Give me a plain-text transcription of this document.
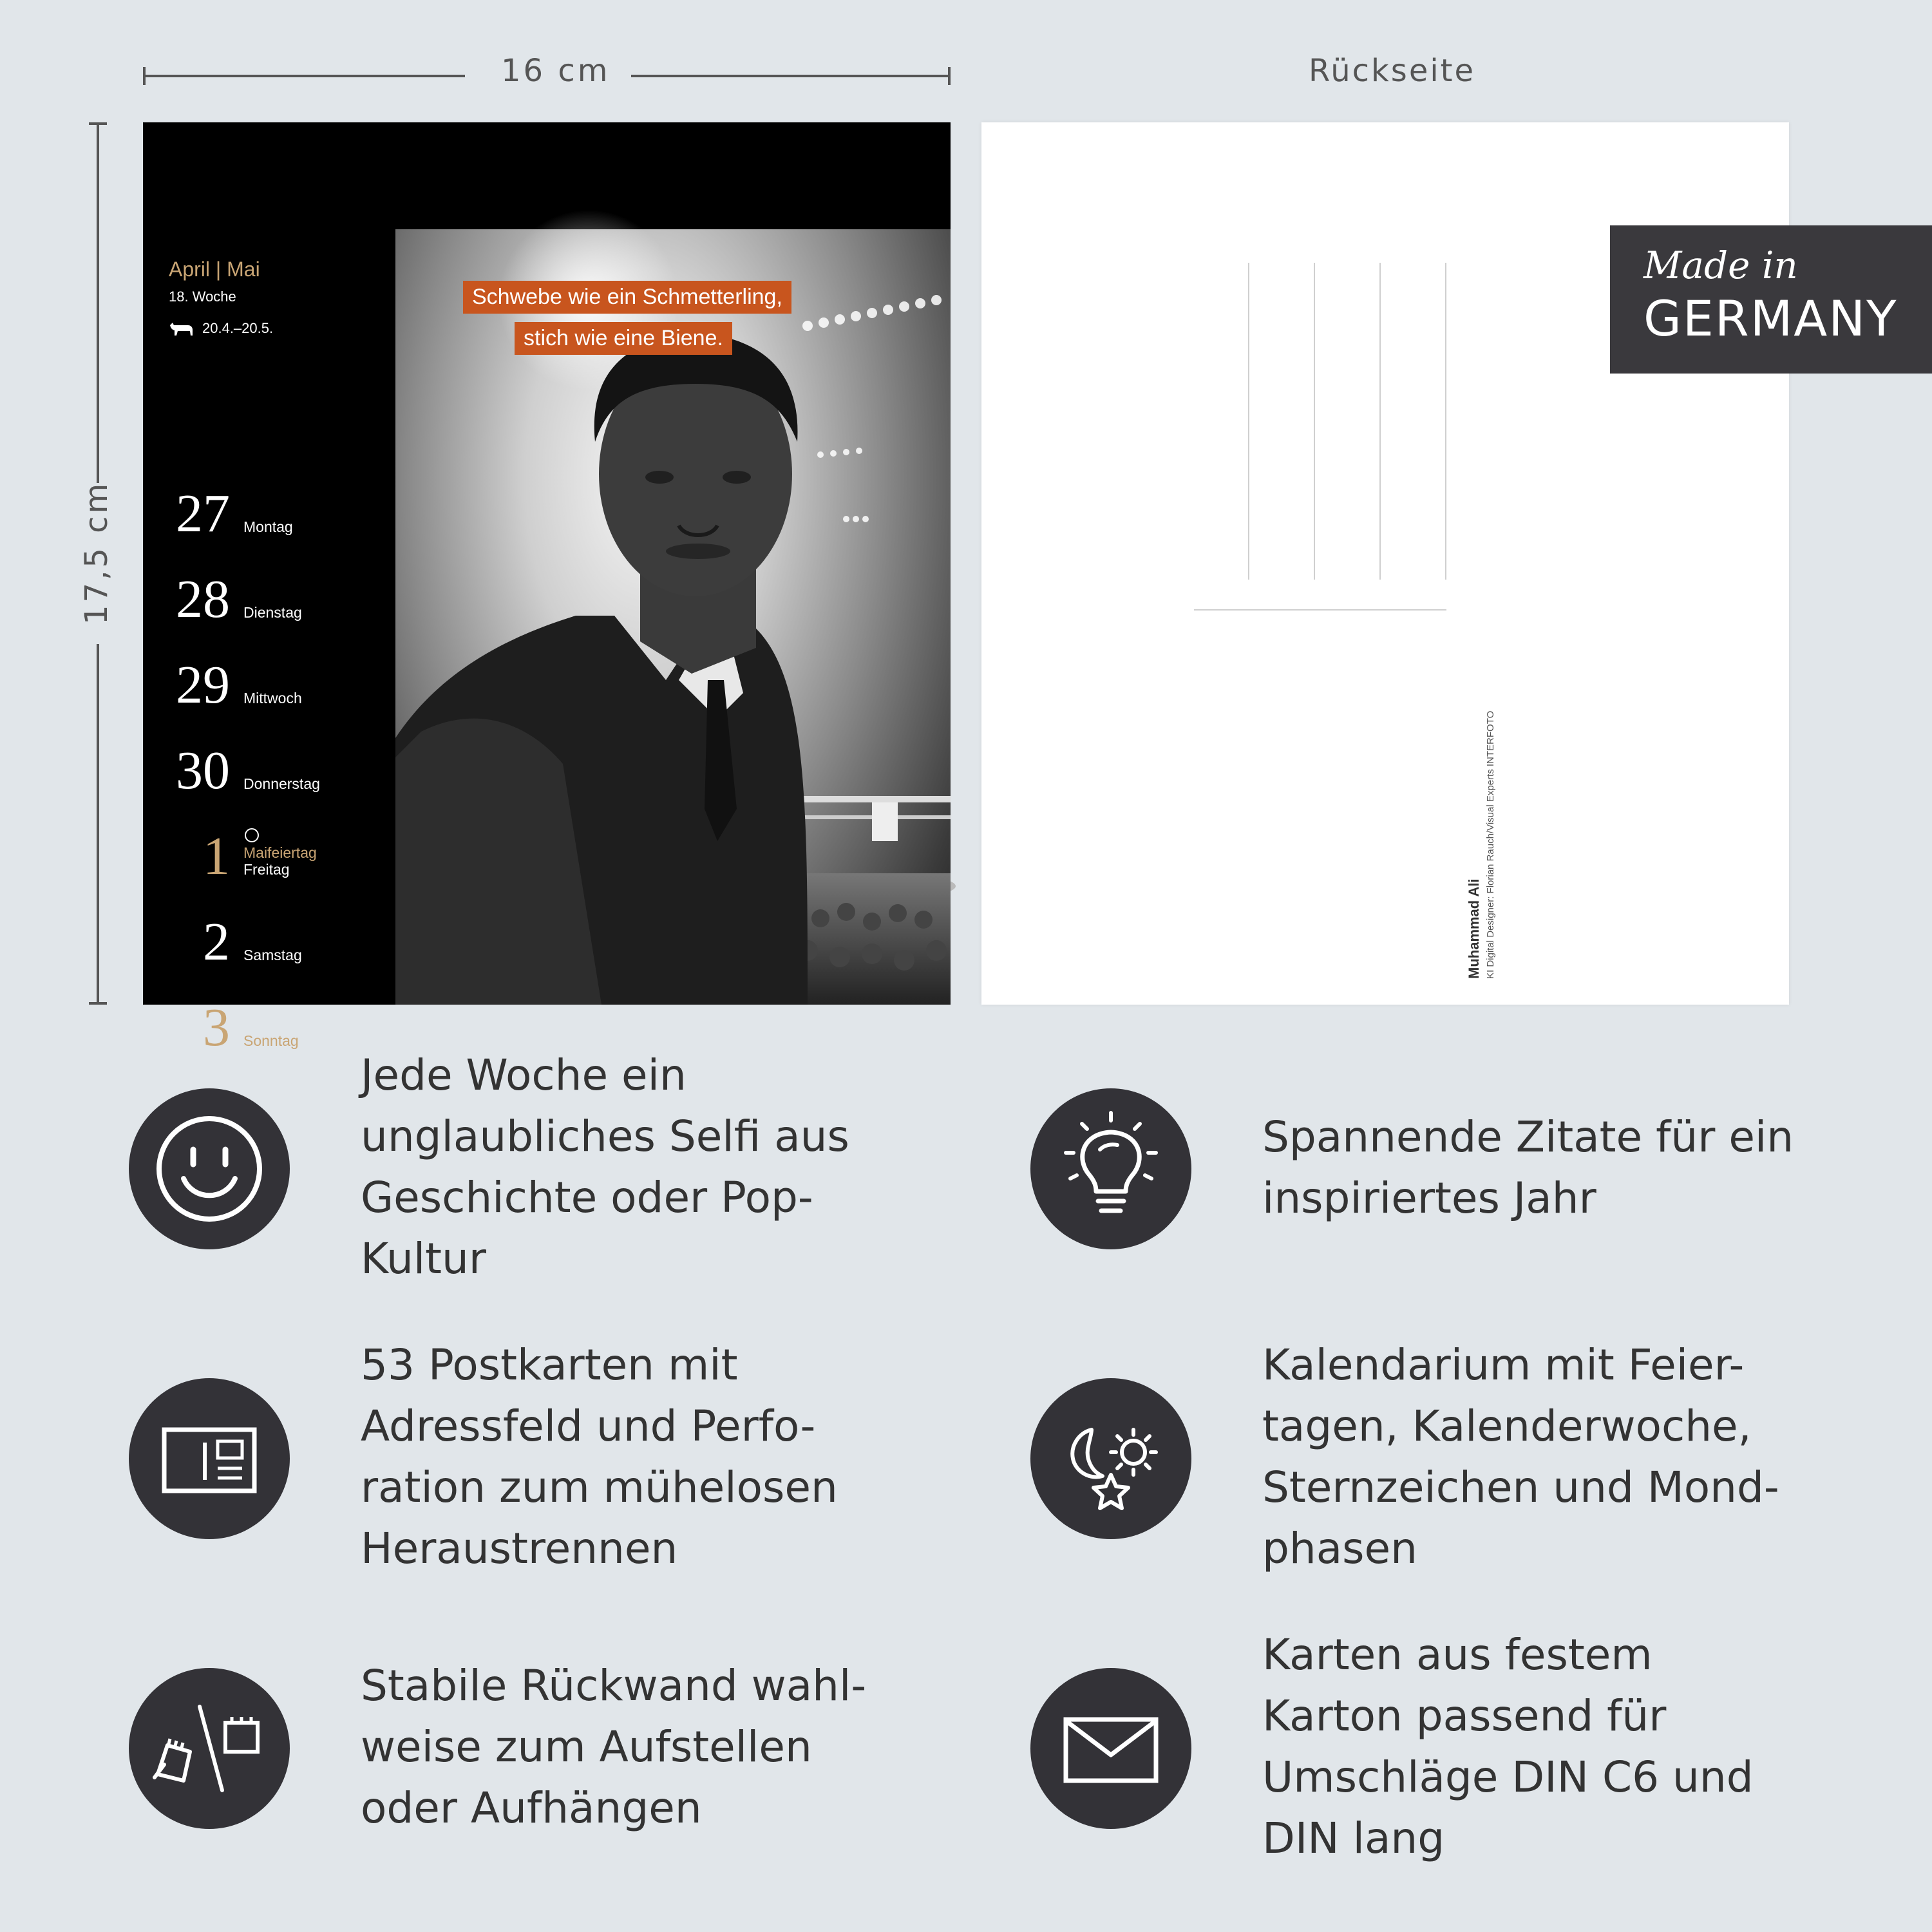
16 cm
17,5 cm
Rückseite
April | Mai
18. Woche
20.4.–20.5.
27 Montag
28 Dienstag
29 Mittwoch
30 Donnerstag
1 Maifeiertag
Freitag
2 Samstag
3 Sonntag
Schwebe wie ein Schmetterling,
stich wie eine Biene.
Muhammad Ali KI Digital Designer: Florian Rauch/Visual Experts INTERFOTO
Made in
GERMANY
Jede Woche ein
unglaubliches Selfi aus
Geschichte oder Pop-
Kultur
Spannende Zitate für ein
inspiriertes Jahr
53 Postkarten mit
Adressfeld und Perfo-
ration zum mühelosen
Heraustrennen
Kalendarium mit Feier-
tagen, Kalenderwoche,
Sternzeichen und Mond-
phasen
Stabile Rückwand wahl-
weise zum Aufstellen
oder Aufhängen
Karten aus festem
Karton passend für
Umschläge DIN C6 und
DIN lang
